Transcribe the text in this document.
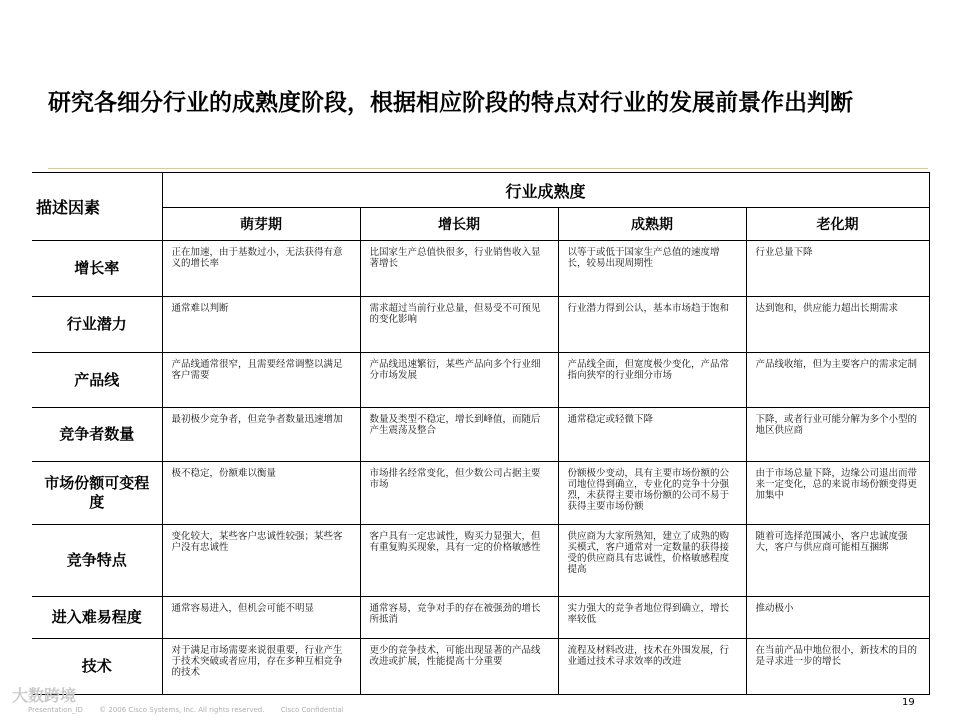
研究各细分行业的成熟度阶段，根据相应阶段的特点对行业的发展前景作出判断
描述因素	行业成熟度			
	萌芽期	增长期	成熟期	老化期
增长率	正在加速，由于基数过小，无法获得有意义的增长率	比国家生产总值快很多，行业销售收入显著增长	以等于或低于国家生产总值的速度增长，较易出现周期性	行业总量下降
行业潜力	通常难以判断	需求超过当前行业总量，但易受不可预见的变化影响	行业潜力得到公认，基本市场趋于饱和	达到饱和，供应能力超出长期需求
产品线	产品线通常很窄，且需要经常调整以满足客户需要	产品线迅速繁衍，某些产品向多个行业细分市场发展	产品线全面，但宽度极少变化，产品常指向狭窄的行业细分市场	产品线收缩，但为主要客户的需求定制
竞争者数量	最初极少竞争者，但竞争者数量迅速增加	数量及类型不稳定，增长到峰值，而随后产生震荡及整合	通常稳定或轻微下降	下降，或者行业可能分解为多个小型的地区供应商
市场份额可变程度	极不稳定，份额难以衡量	市场排名经常变化，但少数公司占据主要市场	份额极少变动，具有主要市场份额的公司地位得到确立，专业化的竞争十分强烈，未获得主要市场份额的公司不易于获得主要市场份额	由于市场总量下降，边缘公司退出而带来一定变化，总的来说市场份额变得更加集中
竞争特点	变化较大，某些客户忠诚性较强；某些客户没有忠诚性	客户具有一定忠诚性，购买力显强大，但有重复购买现象，具有一定的价格敏感性	供应商为大家所熟知，建立了成熟的购买模式，客户通常对一定数量的获得接受的供应商具有忠诚性，价格敏感程度提高	随着可选择范围减小，客户忠诚度强大，客户与供应商可能相互捆绑
进入难易程度	通常容易进入，但机会可能不明显	通常容易，竞争对手的存在被强劲的增长所抵消	实力强大的竞争者地位得到确立，增长率较低	推动极小
技术	对于满足市场需要来说很重要，行业产生于技术突破或者应用，存在多种互相竞争的技术	更少的竞争技术，可能出现显著的产品线改进或扩展，性能提高十分重要	流程及材料改进，技术在外围发展，行业通过技术寻求效率的改进	在当前产品中地位很小，新技术的目的是寻求进一步的增长
大数跨境
Presentation_ID © 2006 Cisco Systems, Inc. All rights reserved. Cisco Confidential
19
